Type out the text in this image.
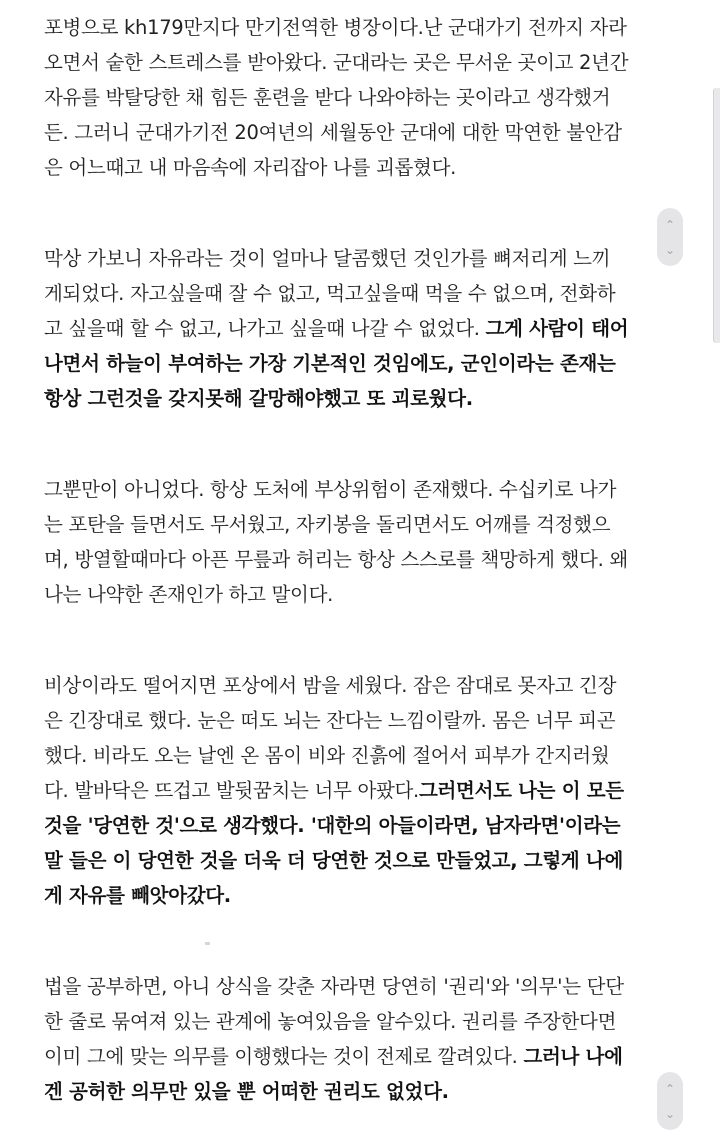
포병으로 kh179만지다 만기전역한 병장이다.난 군대가기 전까지 자라
오면서 숱한 스트레스를 받아왔다. 군대라는 곳은 무서운 곳이고 2년간
자유를 박탈당한 채 힘든 훈련을 받다 나와야하는 곳이라고 생각했거
든. 그러니 군대가기전 20여년의 세월동안 군대에 대한 막연한 불안감
은 어느때고 내 마음속에 자리잡아 나를 괴롭혔다.

막상 가보니 자유라는 것이 얼마나 달콤했던 것인가를 뼈저리게 느끼
게되었다. 자고싶을때 잘 수 없고, 먹고싶을때 먹을 수 없으며, 전화하
고 싶을때 할 수 없고, 나가고 싶을때 나갈 수 없었다. 그게 사람이 태어
나면서 하늘이 부여하는 가장 기본적인 것임에도, 군인이라는 존재는
항상 그런것을 갖지못해 갈망해야했고 또 괴로웠다.

그뿐만이 아니었다. 항상 도처에 부상위험이 존재했다. 수십키로 나가
는 포탄을 들면서도 무서웠고, 자키봉을 돌리면서도 어깨를 걱정했으
며, 방열할때마다 아픈 무릎과 허리는 항상 스스로를 책망하게 했다. 왜
나는 나약한 존재인가 하고 말이다.

비상이라도 떨어지면 포상에서 밤을 세웠다. 잠은 잠대로 못자고 긴장
은 긴장대로 했다. 눈은 떠도 뇌는 잔다는 느낌이랄까. 몸은 너무 피곤
했다. 비라도 오는 날엔 온 몸이 비와 진흙에 절어서 피부가 간지러웠
다. 발바닥은 뜨겁고 발뒷꿈치는 너무 아팠다.그러면서도 나는 이 모든
것을 '당연한 것'으로 생각했다. '대한의 아들이라면, 남자라면'이라는
말 들은 이 당연한 것을 더욱 더 당연한 것으로 만들었고, 그렇게 나에
게 자유를 빼앗아갔다.

법을 공부하면, 아니 상식을 갖춘 자라면 당연히 '권리'와 '의무'는 단단
한 줄로 묶여져 있는 관계에 놓여있음을 알수있다. 권리를 주장한다면
이미 그에 맞는 의무를 이행했다는 것이 전제로 깔려있다. 그러나 나에
겐 공허한 의무만 있을 뿐 어떠한 권리도 없었다.

⌃
⌄
⌃
⌄
